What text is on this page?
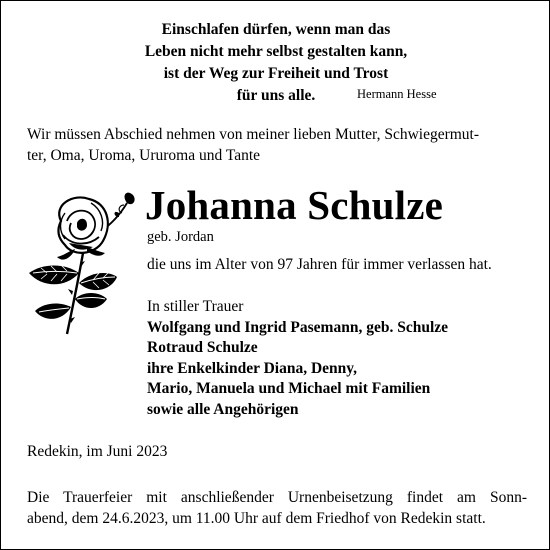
Einschlafen dürfen, wenn man das
Leben nicht mehr selbst gestalten kann,
ist der Weg zur Freiheit und Trost
für uns alle.	Hermann Hesse
Wir müssen Abschied nehmen von meiner lieben Mutter, Schwiegermut-
ter, Oma, Uroma, Ururoma und Tante
Johanna Schulze
geb. Jordan
die uns im Alter von 97 Jahren für immer verlassen hat.
In stiller Trauer
Wolfgang und Ingrid Pasemann, geb. Schulze
Rotraud Schulze
ihre Enkelkinder Diana, Denny,
Mario, Manuela und Michael mit Familien
sowie alle Angehörigen
Redekin, im Juni 2023
Die Trauerfeier mit anschließender Urnenbeisetzung findet am Sonn-
abend, dem 24.6.2023, um 11.00 Uhr auf dem Friedhof von Redekin statt.
